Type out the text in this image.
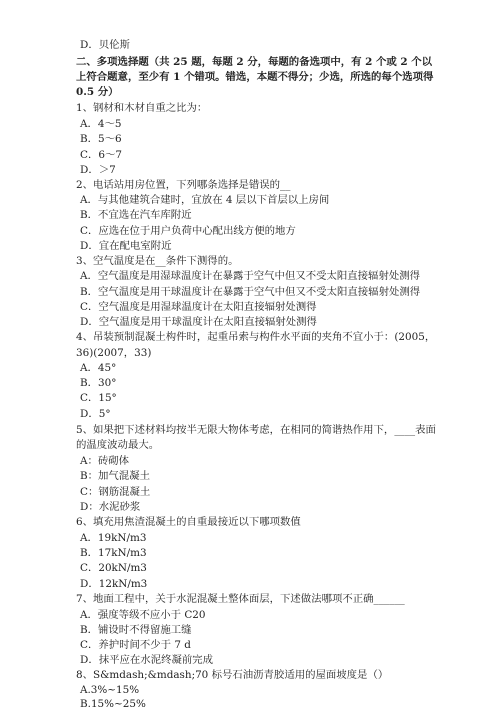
D．贝伦斯
二、多项选择题（共 25 题，每题 2 分，每题的备选项中，有 2 个或 2 个以
上符合题意，至少有 1 个错项。错选，本题不得分；少选，所选的每个选项得
0.5 分）
1、钢材和木材自重之比为：
A．4～5
B．5～6
C．6～7
D．＞7
2、电话站用房位置，下列哪条选择是错误的__
A．与其他建筑合建时，宜放在 4 层以下首层以上房间
B．不宜选在汽车库附近
C．应选在位于用户负荷中心配出线方便的地方
D．宜在配电室附近
3、空气温度是在__条件下测得的。
A．空气温度是用湿球温度计在暴露于空气中但又不受太阳直接辐射处测得
B．空气温度是用干球温度计在暴露于空气中但又不受太阳直接辐射处测得
C．空气温度是用湿球温度计在太阳直接辐射处测得
D．空气温度是用干球温度计在太阳直接辐射处测得
4、吊装预制混凝土构件时，起重吊索与构件水平面的夹角不宜小于：(2005，
36)(2007，33)
A．45°
B．30°
C．15°
D．5°
5、如果把下述材料均按半无限大物体考虑，在相同的简谐热作用下，____表面
的温度波动最大。
A：砖砌体
B：加气混凝土
C：钢筋混凝土
D：水泥砂浆
6、填充用焦渣混凝土的自重最接近以下哪项数值
A．19kN/m3
B．17kN/m3
C．20kN/m3
D．12kN/m3
7、地面工程中，关于水泥混凝土整体面层，下述做法哪项不正确______
A．强度等级不应小于 C20
B．铺设时不得留施工缝
C．养护时间不少于 7 d
D．抹平应在水泥终凝前完成
8、S&mdash;&mdash;70 标号石油沥青胶适用的屋面坡度是（）
A.3%~15%
B.15%~25%
